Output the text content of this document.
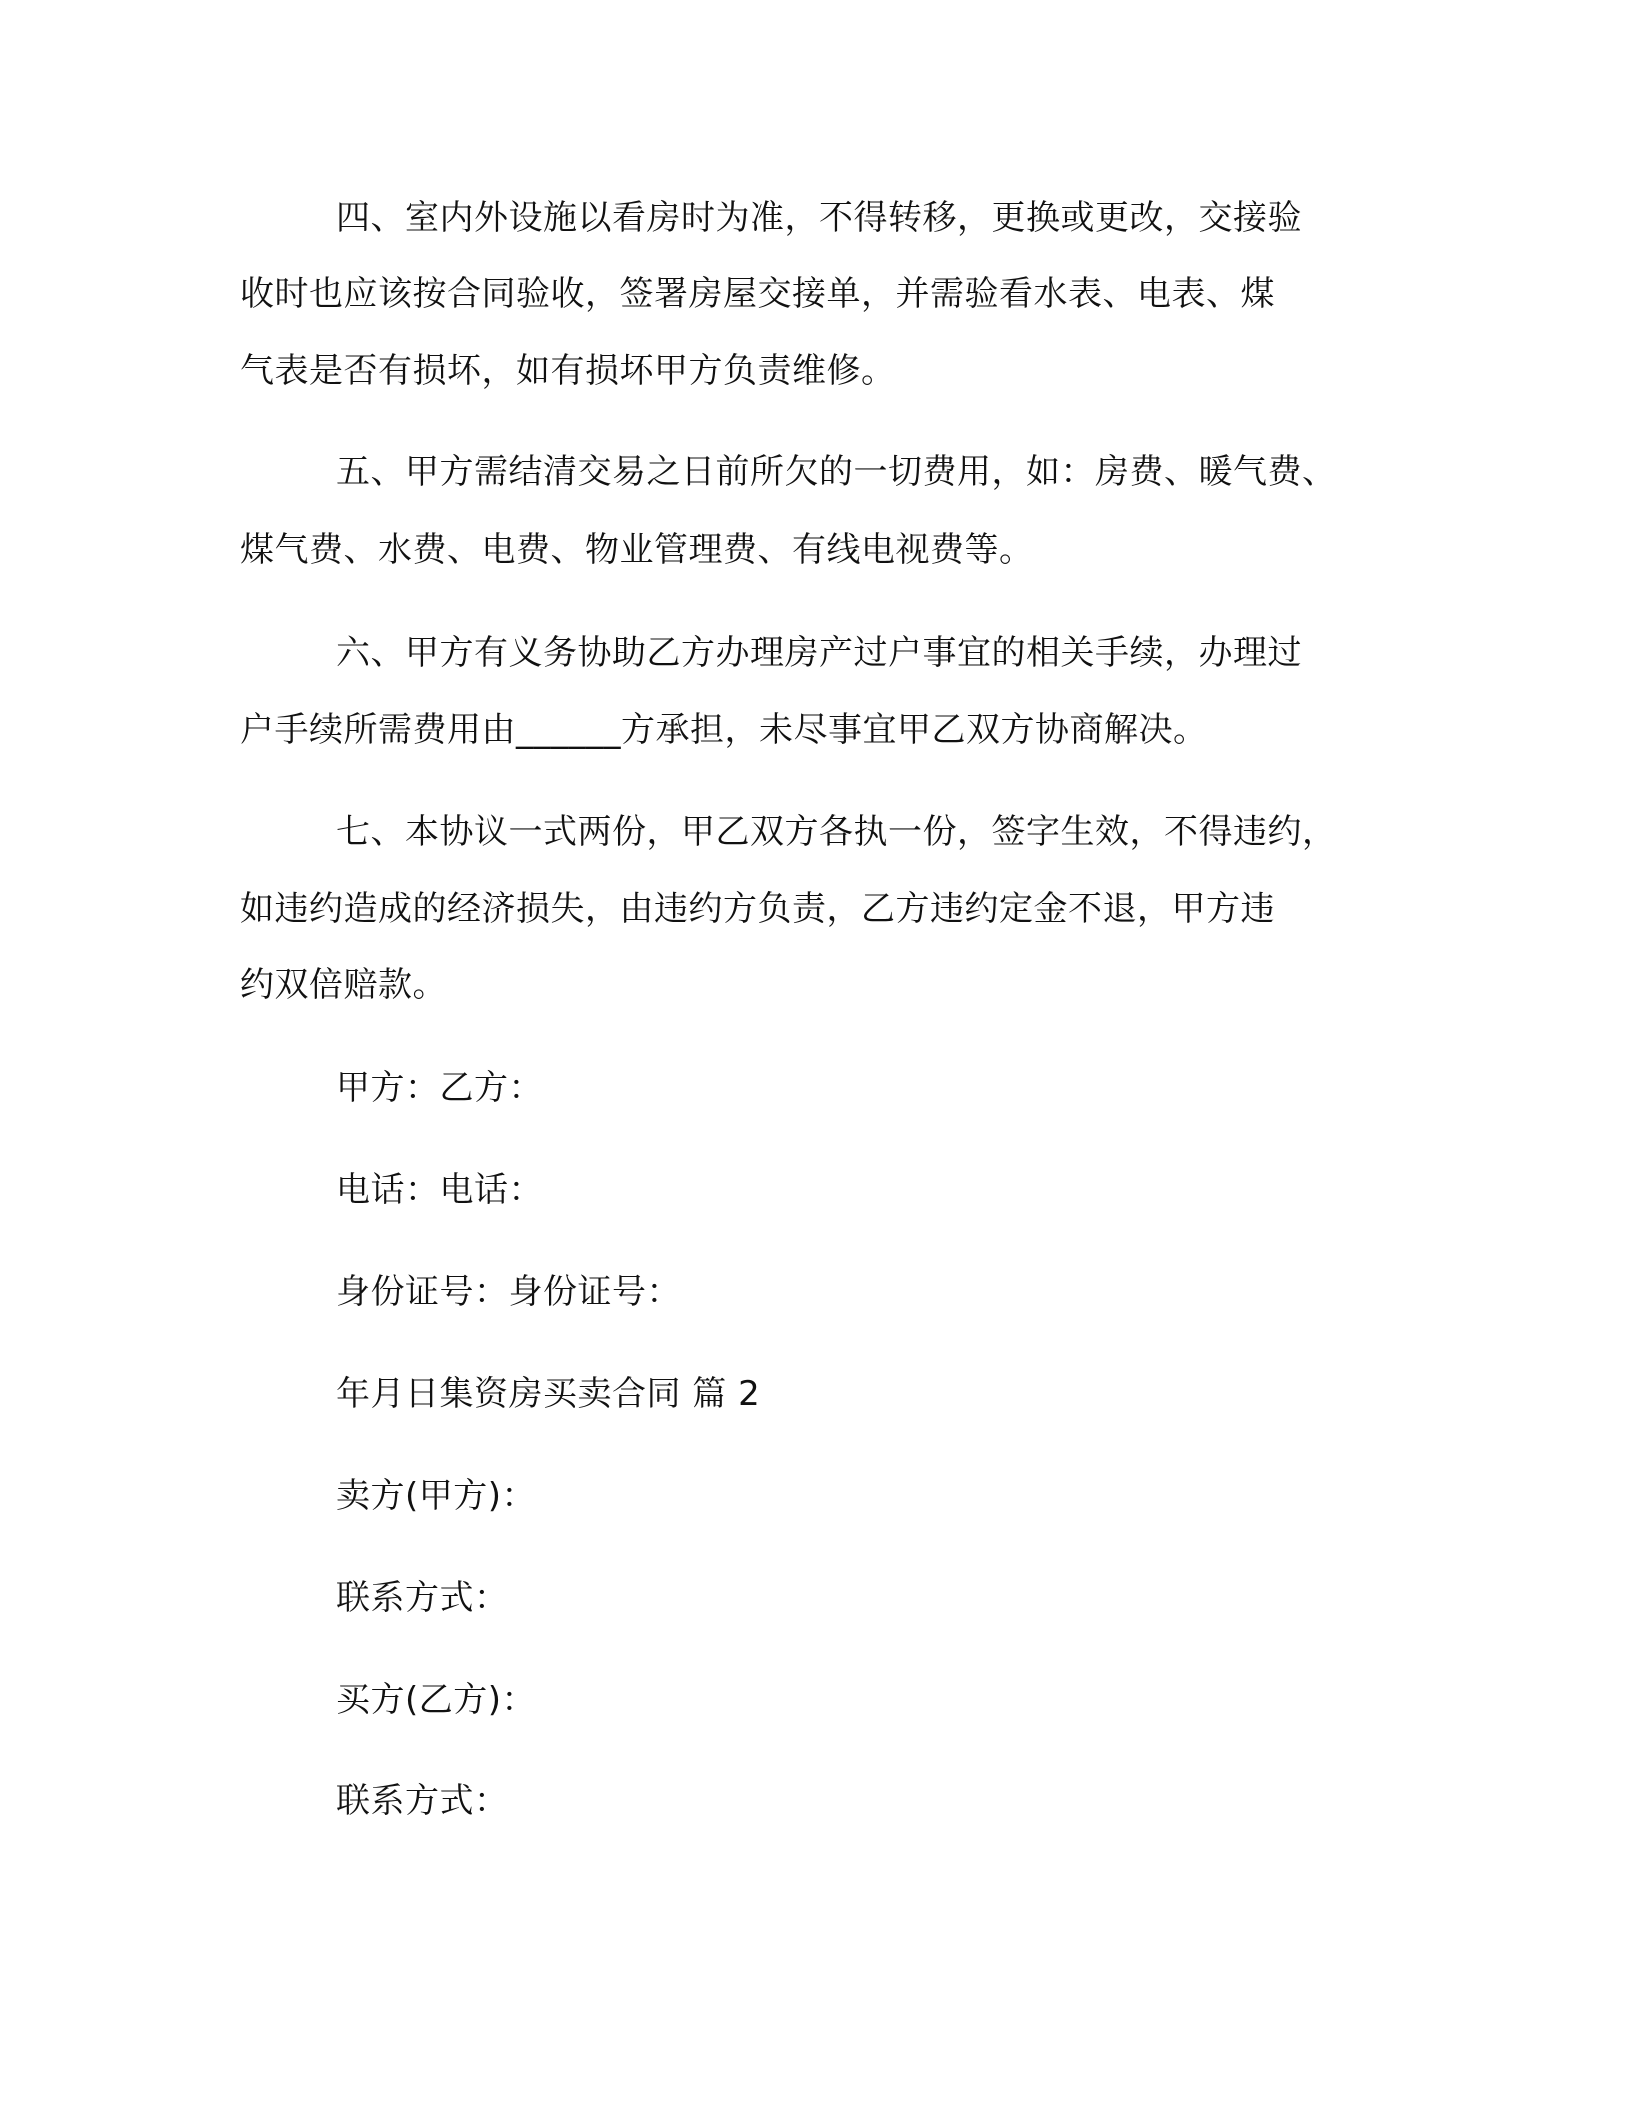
四、室内外设施以看房时为准，不得转移，更换或更改，交接验
收时也应该按合同验收，签署房屋交接单，并需验看水表、电表、煤
气表是否有损坏，如有损坏甲方负责维修。
五、甲方需结清交易之日前所欠的一切费用，如：房费、暖气费、
煤气费、水费、电费、物业管理费、有线电视费等。
六、甲方有义务协助乙方办理房产过户事宜的相关手续，办理过
户手续所需费用由______方承担，未尽事宜甲乙双方协商解决。
七、本协议一式两份，甲乙双方各执一份，签字生效，不得违约，
如违约造成的经济损失，由违约方负责，乙方违约定金不退，甲方违
约双倍赔款。
甲方：乙方：
电话：电话：
身份证号：身份证号：
年月日集资房买卖合同 篇 2
卖方(甲方)：
联系方式：
买方(乙方)：
联系方式：
